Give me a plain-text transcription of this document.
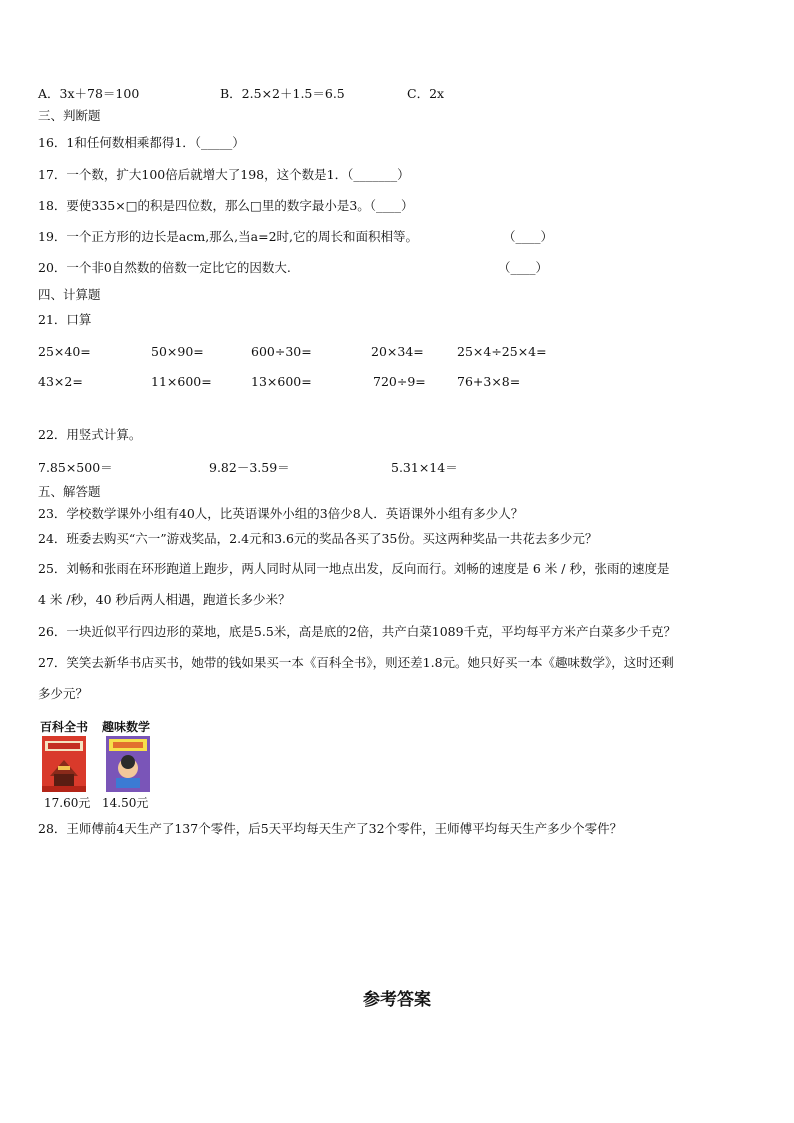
A．3x＋78＝100	B．2.5×2＋1.5＝6.5	C．2x
三、判断题
16．1和任何数相乘都得1．（_____）
17．一个数，扩大100倍后就增大了198，这个数是1．（_______）
18．要使335×□的积是四位数，那么□里的数字最小是3。（____）
19．一个正方形的边长是acm,那么,当a=2时,它的周长和面积相等。	（____）
20．一个非0自然数的倍数一定比它的因数大.	（____）
四、计算题
21．口算
25×40=	50×90=	600÷30=	20×34=	25×4÷25×4=
43×2=	11×600=	13×600=	720÷9= 76+3×8=
22．用竖式计算。
7.85×500＝	9.82－3.59＝	5.31×14＝
五、解答题
23．学校数学课外小组有40人，比英语课外小组的3倍少8人．英语课外小组有多少人？
24．班委去购买“六一”游戏奖品，2.4元和3.6元的奖品各买了35份。买这两种奖品一共花去多少元？
25．刘畅和张雨在环形跑道上跑步，两人同时从同一地点出发，反向而行。刘畅的速度是 6 米 / 秒，张雨的速度是
4 米 /秒，40 秒后两人相遇，跑道长多少米？
26．一块近似平行四边形的菜地，底是5.5米，高是底的2倍，共产白菜1089千克，平均每平方米产白菜多少千克？
27．笑笑去新华书店买书，她带的钱如果买一本《百科全书》，则还差1.8元。她只好买一本《趣味数学》，这时还剩
多少元？
百科全书
17.60元
趣味数学
14.50元
28．王师傅前4天生产了137个零件，后5天平均每天生产了32个零件，王师傅平均每天生产多少个零件？
参考答案
